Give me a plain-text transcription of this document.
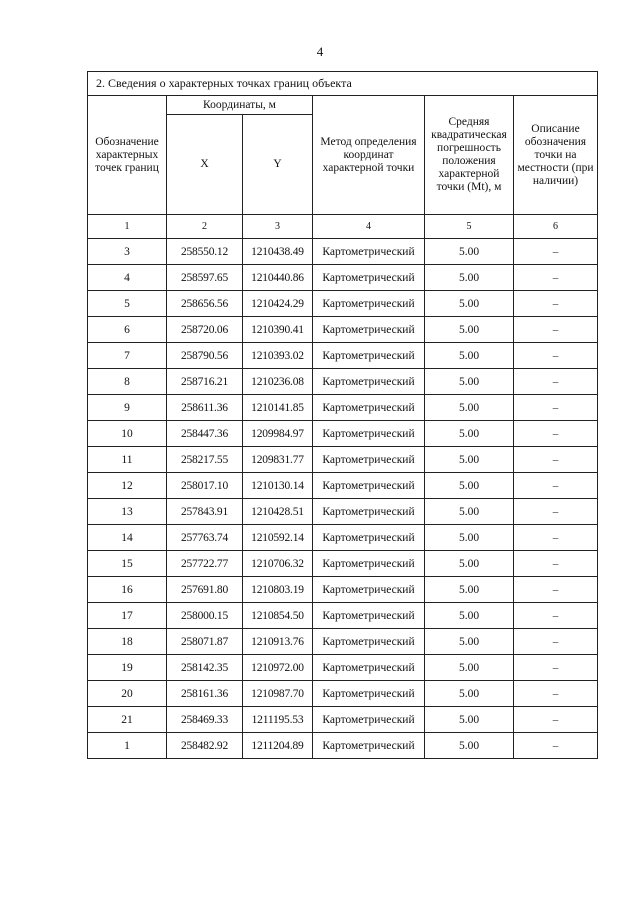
4
2. Сведения о характерных точках границ объекта					
Обозначение характерных точек границ	Координаты, м		Метод определения координат характерной точки	Средняя квадратическая погрешность положения характерной точки (Mt), м	Описание обозначения точки на местности (при наличии)
	X	Y			
1	2	3	4	5	6
3	258550.12	1210438.49	Картометрический	5.00	–
4	258597.65	1210440.86	Картометрический	5.00	–
5	258656.56	1210424.29	Картометрический	5.00	–
6	258720.06	1210390.41	Картометрический	5.00	–
7	258790.56	1210393.02	Картометрический	5.00	–
8	258716.21	1210236.08	Картометрический	5.00	–
9	258611.36	1210141.85	Картометрический	5.00	–
10	258447.36	1209984.97	Картометрический	5.00	–
11	258217.55	1209831.77	Картометрический	5.00	–
12	258017.10	1210130.14	Картометрический	5.00	–
13	257843.91	1210428.51	Картометрический	5.00	–
14	257763.74	1210592.14	Картометрический	5.00	–
15	257722.77	1210706.32	Картометрический	5.00	–
16	257691.80	1210803.19	Картометрический	5.00	–
17	258000.15	1210854.50	Картометрический	5.00	–
18	258071.87	1210913.76	Картометрический	5.00	–
19	258142.35	1210972.00	Картометрический	5.00	–
20	258161.36	1210987.70	Картометрический	5.00	–
21	258469.33	1211195.53	Картометрический	5.00	–
1	258482.92	1211204.89	Картометрический	5.00	–
